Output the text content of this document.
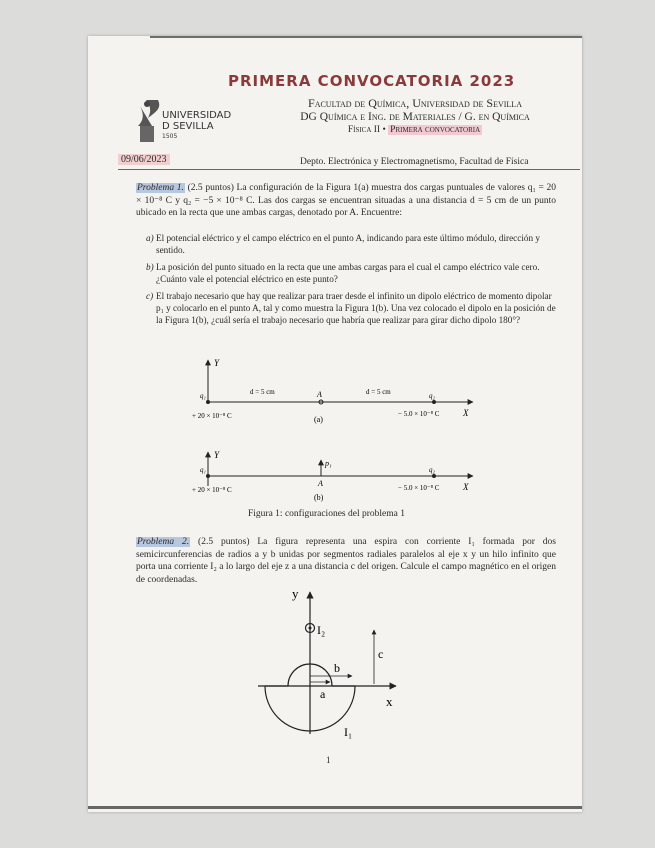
PRIMERA CONVOCATORIA 2023
UNIVERSIDAD D SEVILLA
1505
Facultad de Química, Universidad de Sevilla
DG Química e Ing. de Materiales / G. en Química
Física II • Primera convocatoria
09/06/2023	Depto. Electrónica y Electromagnetismo, Facultad de Física
Problema 1. (2.5 puntos) La configuración de la Figura 1(a) muestra dos cargas puntuales de valores q₁ = 20 × 10⁻⁸ C y q₂ = −5 × 10⁻⁸ C. Las dos cargas se encuentran situadas a una distancia d = 5 cm de un punto ubicado en la recta que une ambas cargas, denotado por A. Encuentre:
a) El potencial eléctrico y el campo eléctrico en el punto A, indicando para este último módulo, dirección y sentido.
b) La posición del punto situado en la recta que une ambas cargas para el cual el campo eléctrico vale cero. ¿Cuánto vale el potencial eléctrico en este punto?
c) El trabajo necesario que hay que realizar para traer desde el infinito un dipolo eléctrico de momento dipolar p₁ y colocarlo en el punto A, tal y como muestra la Figura 1(b). Una vez colocado el dipolo en la posición de la Figura 1(b), ¿cuál sería el trabajo necesario que habría que realizar para girar dicho dipolo 180°?
Y
X
q₁	q₂
A
d = 5 cm	d = 5 cm
+ 20 × 10⁻⁸ C	− 5.0 × 10⁻⁸ C
(a)
Y
X
p₁
A
q₁	q₂
+ 20 × 10⁻⁸ C	− 5.0 × 10⁻⁸ C
(b)
Figura 1: configuraciones del problema 1
Problema 2. (2.5 puntos) La figura representa una espira con corriente I₁ formada por dos semicircunferencias de radios a y b unidas por segmentos radiales paralelos al eje x y un hilo infinito que porta una corriente I₂ a lo largo del eje z a una distancia c del origen. Calcule el campo magnético en el origen de coordenadas.
y
x
I₂
a
b
c
I₁
1
